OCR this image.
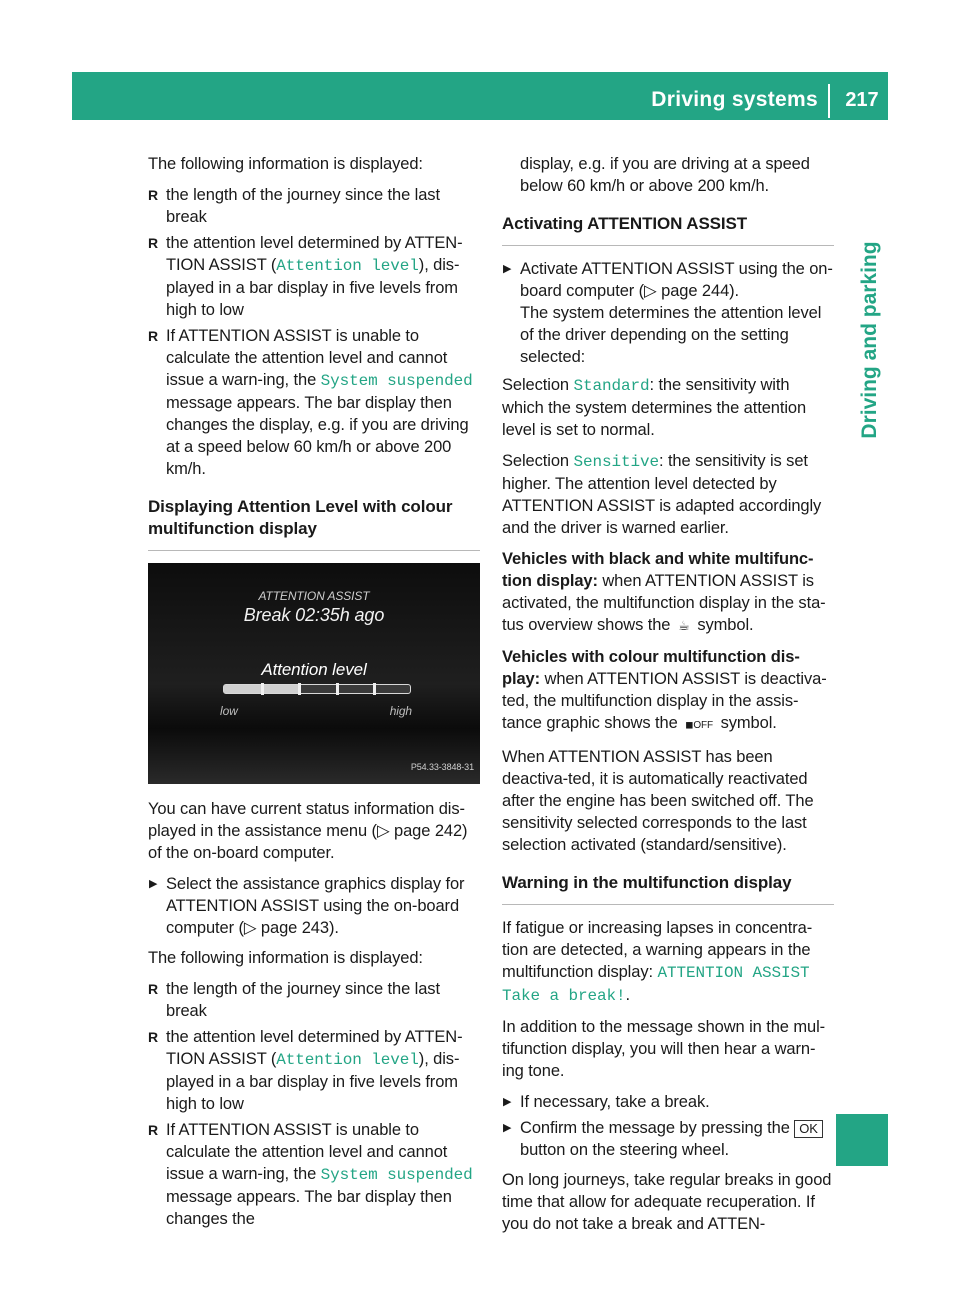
Driving systems	217
Driving and parking

The following information is displayed:

R the length of the journey since the last break
R the attention level determined by ATTEN-TION ASSIST (Attention level), dis-played in a bar display in five levels from high to low
R If ATTENTION ASSIST is unable to calculate the attention level and cannot issue a warn-ing, the System suspended message appears. The bar display then changes the display, e.g. if you are driving at a speed below 60 km/h or above 200 km/h.
Displaying Attention Level with colour multifunction display
ATTENTION ASSIST
Break 02:35h ago
Attention level
low	high
P54.33-3848-31

You can have current status information dis-played in the assistance menu (▷ page 242) of the on-board computer.

▶ Select the assistance graphics display for ATTENTION ASSIST using the on-board computer (▷ page 243).

The following information is displayed:

R the length of the journey since the last break
R the attention level determined by ATTEN-TION ASSIST (Attention level), dis-played in a bar display in five levels from high to low
R If ATTENTION ASSIST is unable to calculate the attention level and cannot issue a warn-ing, the System suspended message appears. The bar display then changes the

display, e.g. if you are driving at a speed below 60 km/h or above 200 km/h.

Activating ATTENTION ASSIST
▶ Activate ATTENTION ASSIST using the on-board computer (▷ page 244).
The system determines the attention level of the driver depending on the setting selected:

Selection Standard: the sensitivity with which the system determines the attention level is set to normal.

Selection Sensitive: the sensitivity is set higher. The attention level detected by ATTENTION ASSIST is adapted accordingly and the driver is warned earlier.

Vehicles with black and white multifunc-tion display: when ATTENTION ASSIST is activated, the multifunction display in the sta-tus overview shows the ☕ symbol.

Vehicles with colour multifunction dis-play: when ATTENTION ASSIST is deactiva-ted, the multifunction display in the assis-tance graphic shows the ◼OFF symbol.

When ATTENTION ASSIST has been deactiva-ted, it is automatically reactivated after the engine has been switched off. The sensitivity selected corresponds to the last selection activated (standard/sensitive).

Warning in the multifunction display

If fatigue or increasing lapses in concentra-tion are detected, a warning appears in the multifunction display: ATTENTION ASSIST Take a break!.

In addition to the message shown in the mul-tifunction display, you will then hear a warn-ing tone.

▶ If necessary, take a break.
▶ Confirm the message by pressing the OK button on the steering wheel.

On long journeys, take regular breaks in good time that allow for adequate recuperation. If you do not take a break and ATTEN-
